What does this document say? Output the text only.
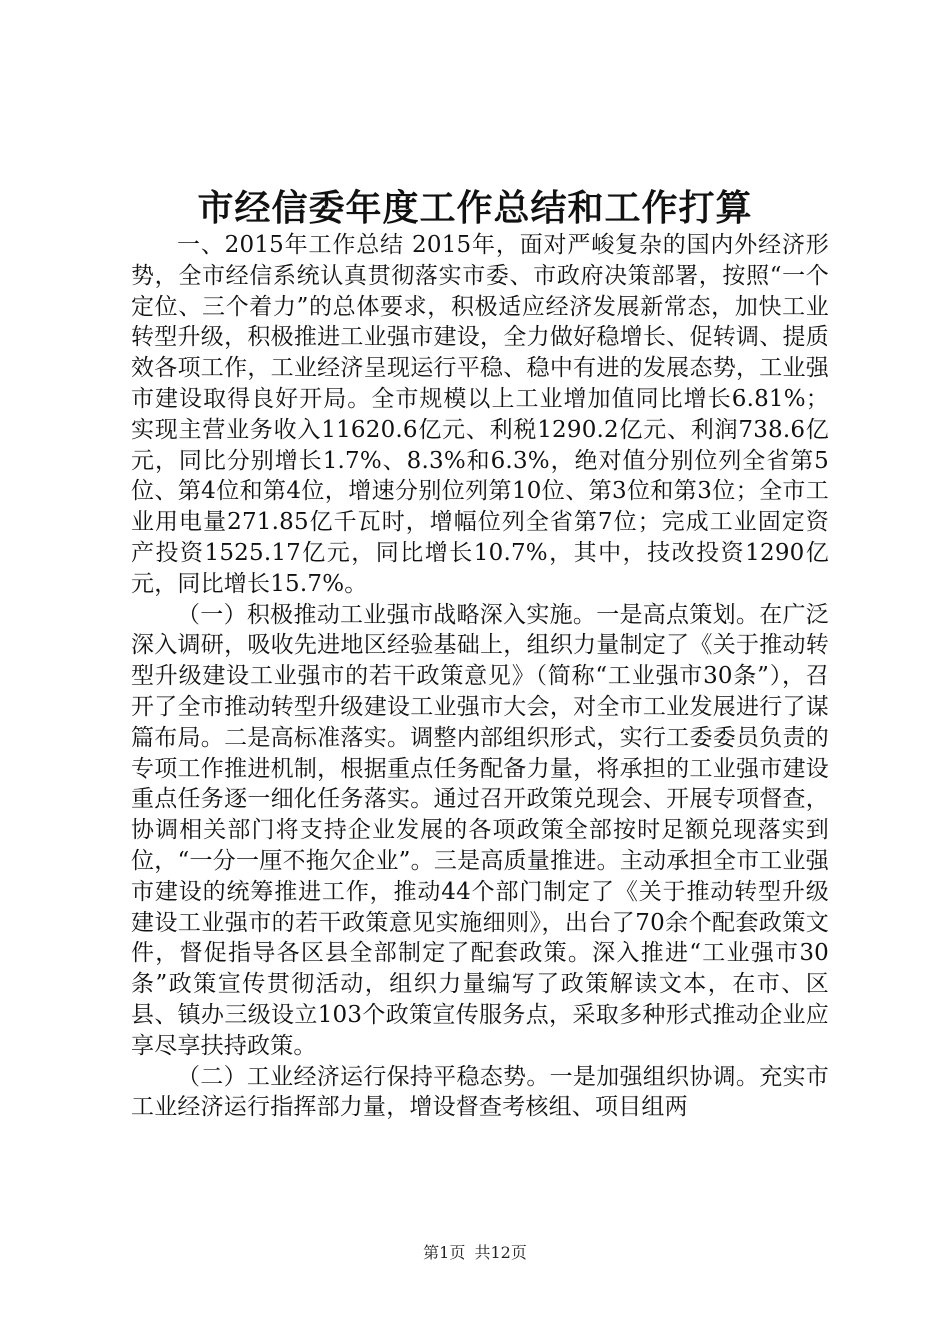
市经信委年度工作总结和工作打算

一、2015年工作总结 2015年，面对严峻复杂的国内外经济形势，全市经信系统认真贯彻落实市委、市政府决策部署，按照“一个定位、三个着力”的总体要求，积极适应经济发展新常态，加快工业转型升级，积极推进工业强市建设，全力做好稳增长、促转调、提质效各项工作，工业经济呈现运行平稳、稳中有进的发展态势，工业强市建设取得良好开局。全市规模以上工业增加值同比增长6.81%；实现主营业务收入11620.6亿元、利税1290.2亿元、利润738.6亿元，同比分别增长1.7%、8.3%和6.3%，绝对值分别位列全省第5位、第4位和第4位，增速分别位列第10位、第3位和第3位；全市工业用电量271.85亿千瓦时，增幅位列全省第7位；完成工业固定资产投资1525.17亿元，同比增长10.7%，其中，技改投资1290亿元，同比增长15.7%。

（一）积极推动工业强市战略深入实施。一是高点策划。在广泛深入调研，吸收先进地区经验基础上，组织力量制定了《关于推动转型升级建设工业强市的若干政策意见》（简称“工业强市30条”），召开了全市推动转型升级建设工业强市大会，对全市工业发展进行了谋篇布局。二是高标准落实。调整内部组织形式，实行工委委员负责的专项工作推进机制，根据重点任务配备力量，将承担的工业强市建设重点任务逐一细化任务落实。通过召开政策兑现会、开展专项督查，协调相关部门将支持企业发展的各项政策全部按时足额兑现落实到位，“一分一厘不拖欠企业”。三是高质量推进。主动承担全市工业强市建设的统筹推进工作，推动44个部门制定了《关于推动转型升级建设工业强市的若干政策意见实施细则》，出台了70余个配套政策文件，督促指导各区县全部制定了配套政策。深入推进“工业强市30条”政策宣传贯彻活动，组织力量编写了政策解读文本，在市、区县、镇办三级设立103个政策宣传服务点，采取多种形式推动企业应享尽享扶持政策。

（二）工业经济运行保持平稳态势。一是加强组织协调。充实市工业经济运行指挥部力量，增设督查考核组、项目组两

第1页 共12页
